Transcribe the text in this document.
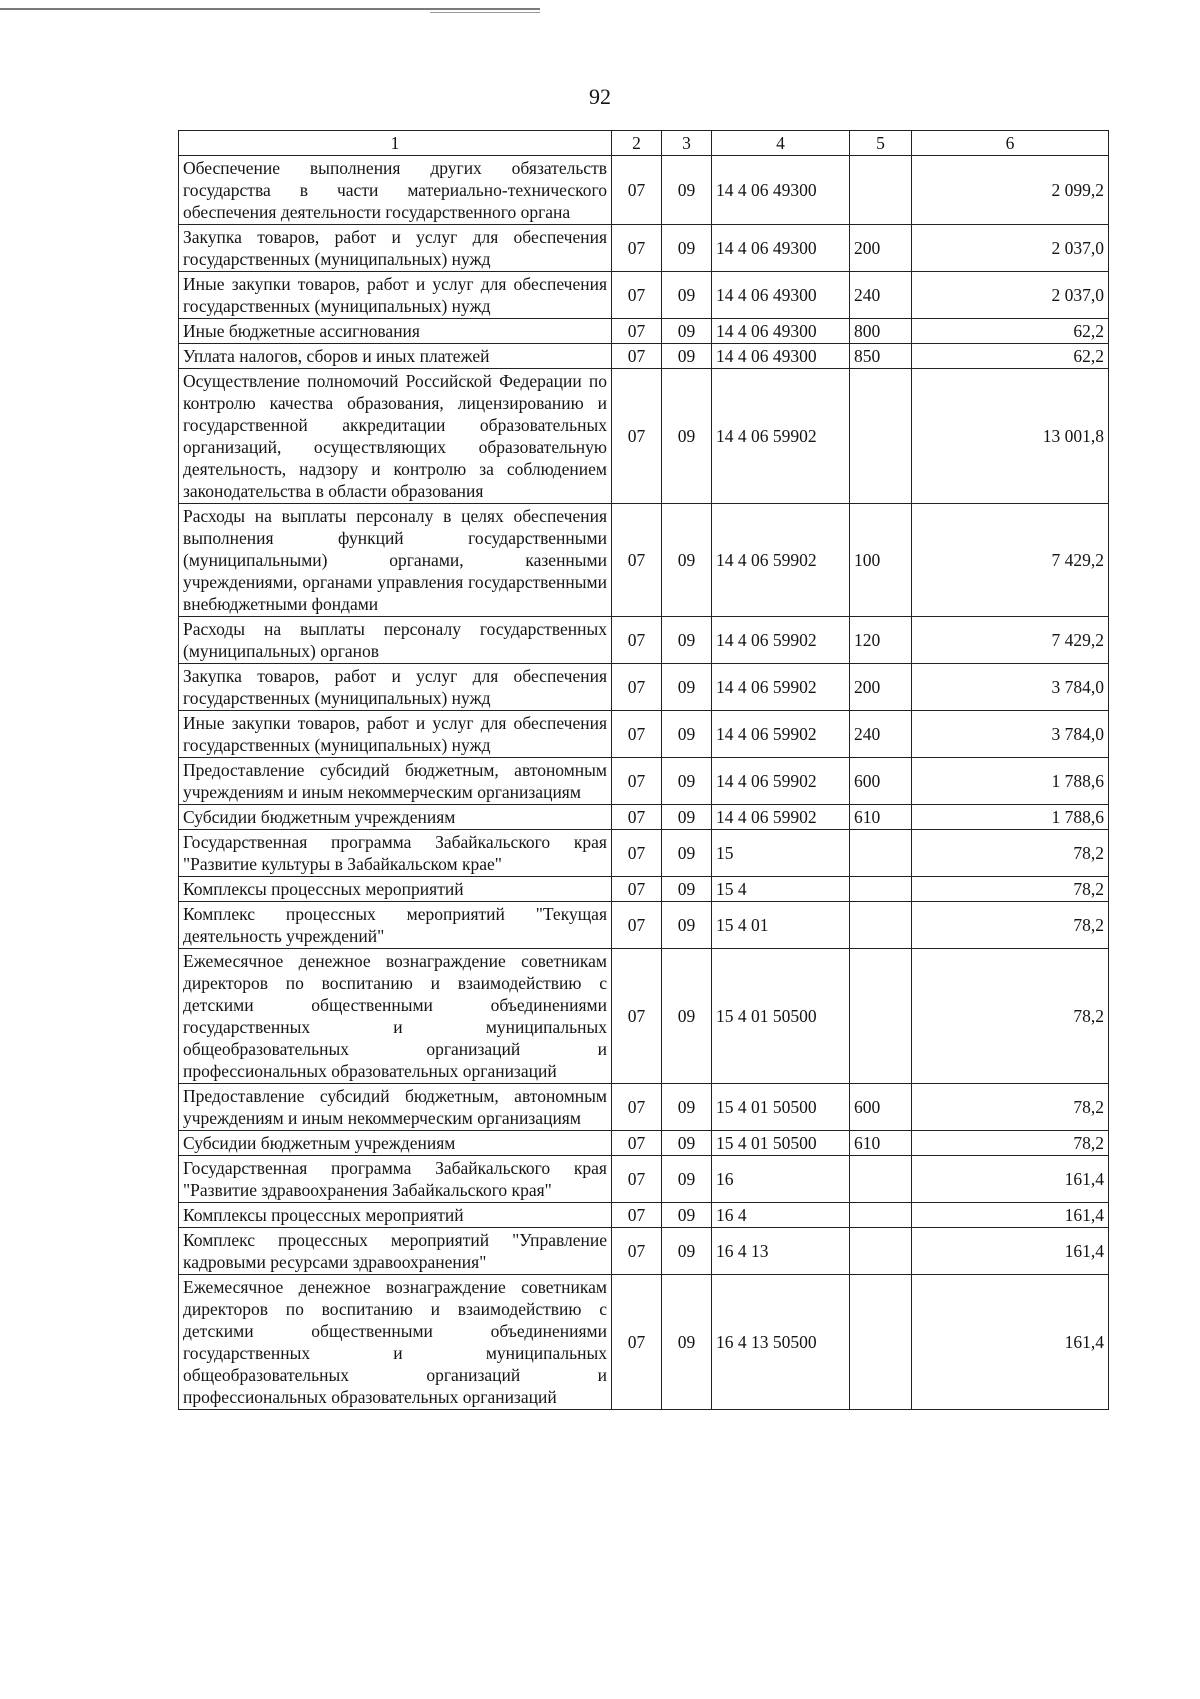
92
1	2	3	4	5	6
Обеспечение выполнения других обязательств государства в части материально-технического обеспечения деятельности государственного органа	07	09	14 4 06 49300		2 099,2
Закупка товаров, работ и услуг для обеспечения государственных (муниципальных) нужд	07	09	14 4 06 49300	200	2 037,0
Иные закупки товаров, работ и услуг для обеспечения государственных (муниципальных) нужд	07	09	14 4 06 49300	240	2 037,0
Иные бюджетные ассигнования	07	09	14 4 06 49300	800	62,2
Уплата налогов, сборов и иных платежей	07	09	14 4 06 49300	850	62,2
Осуществление полномочий Российской Федерации по контролю качества образования, лицензированию и государственной аккредитации образовательных организаций, осуществляющих образовательную деятельность, надзору и контролю за соблюдением законодательства в области образования	07	09	14 4 06 59902		13 001,8
Расходы на выплаты персоналу в целях обеспечения выполнения функций государственными (муниципальными) органами, казенными учреждениями, органами управления государственными внебюджетными фондами	07	09	14 4 06 59902	100	7 429,2
Расходы на выплаты персоналу государственных (муниципальных) органов	07	09	14 4 06 59902	120	7 429,2
Закупка товаров, работ и услуг для обеспечения государственных (муниципальных) нужд	07	09	14 4 06 59902	200	3 784,0
Иные закупки товаров, работ и услуг для обеспечения государственных (муниципальных) нужд	07	09	14 4 06 59902	240	3 784,0
Предоставление субсидий бюджетным, автономным учреждениям и иным некоммерческим организациям	07	09	14 4 06 59902	600	1 788,6
Субсидии бюджетным учреждениям	07	09	14 4 06 59902	610	1 788,6
Государственная программа Забайкальского края "Развитие культуры в Забайкальском крае"	07	09	15		78,2
Комплексы процессных мероприятий	07	09	15 4		78,2
Комплекс процессных мероприятий "Текущая деятельность учреждений"	07	09	15 4 01		78,2
Ежемесячное денежное вознаграждение советникам директоров по воспитанию и взаимодействию с детскими общественными объединениями государственных и муниципальных общеобразовательных организаций и профессиональных образовательных организаций	07	09	15 4 01 50500		78,2
Предоставление субсидий бюджетным, автономным учреждениям и иным некоммерческим организациям	07	09	15 4 01 50500	600	78,2
Субсидии бюджетным учреждениям	07	09	15 4 01 50500	610	78,2
Государственная программа Забайкальского края "Развитие здравоохранения Забайкальского края"	07	09	16		161,4
Комплексы процессных мероприятий	07	09	16 4		161,4
Комплекс процессных мероприятий "Управление кадровыми ресурсами здравоохранения"	07	09	16 4 13		161,4
Ежемесячное денежное вознаграждение советникам директоров по воспитанию и взаимодействию с детскими общественными объединениями государственных и муниципальных общеобразовательных организаций и профессиональных образовательных организаций	07	09	16 4 13 50500		161,4
